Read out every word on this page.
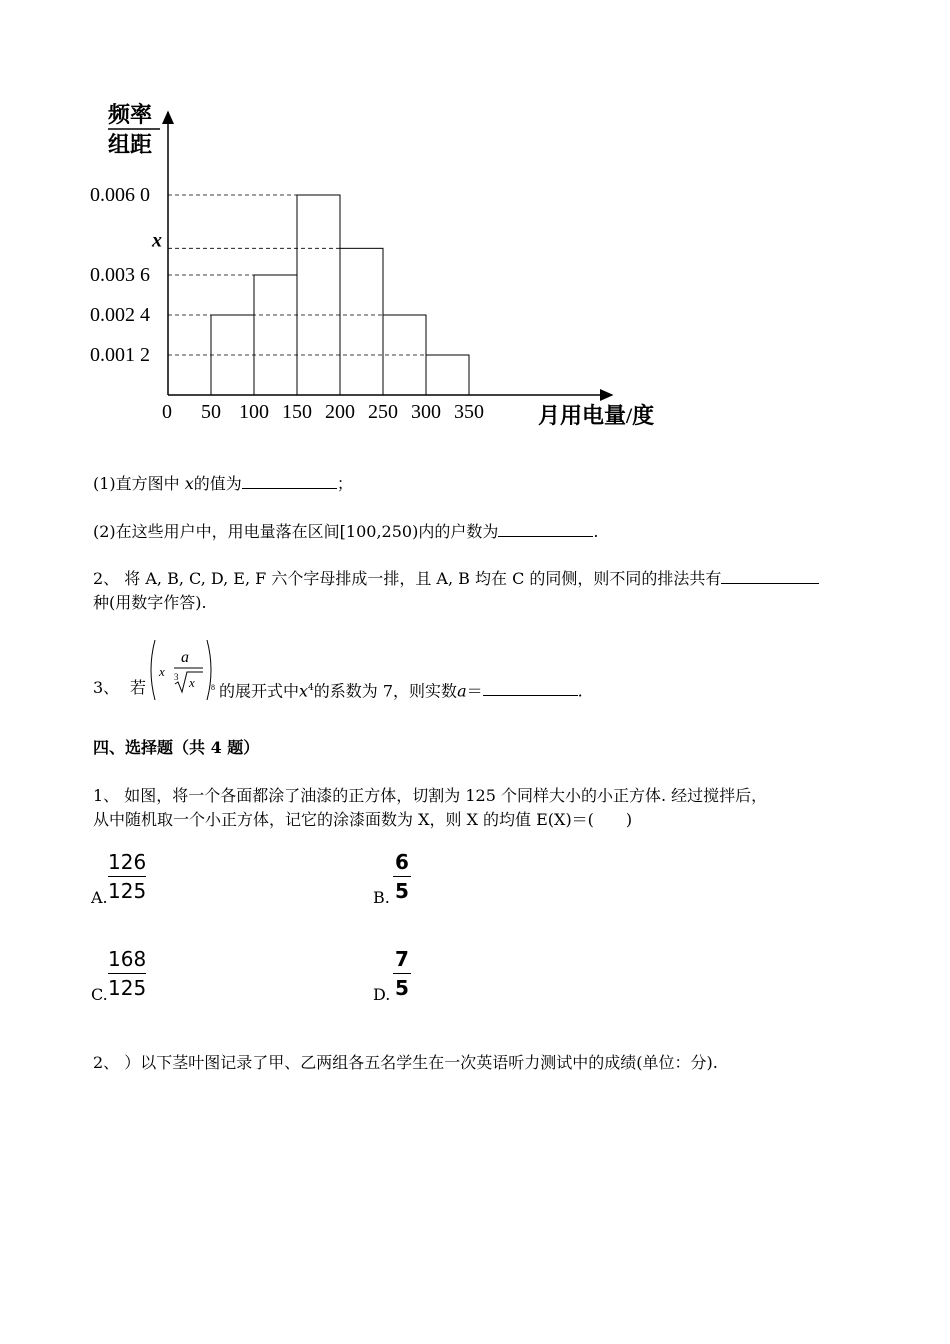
频率
组距
0.006 0
x
0.003 6
0.002 4
0.001 2
0 50 100 150 200 250 300 350 月用电量/度
(1)直方图中 x的值为	；
(2)在这些用户中，用电量落在区间[100,250)内的户数为	.
2、 将 A, B, C, D, E, F 六个字母排成一排，且 A, B 均在 C 的同侧，则不同的排法共有
种(用数字作答).
3、 若
x
a
3 x 8 的展开式中$x^4$的系数为 7，则实数a＝	.
四、选择题（共 4 题）
1、 如图，将一个各面都涂了油漆的正方体，切割为 125 个同样大小的小正方体. 经过搅拌后，
从中随机取一个小正方体，记它的涂漆面数为 X，则 X 的均值 E(X)＝(　　)
A.
126
125	B.
6
5
C.
168
125	D.
7
5
2、 ）以下茎叶图记录了甲、乙两组各五名学生在一次英语听力测试中的成绩(单位：分).
